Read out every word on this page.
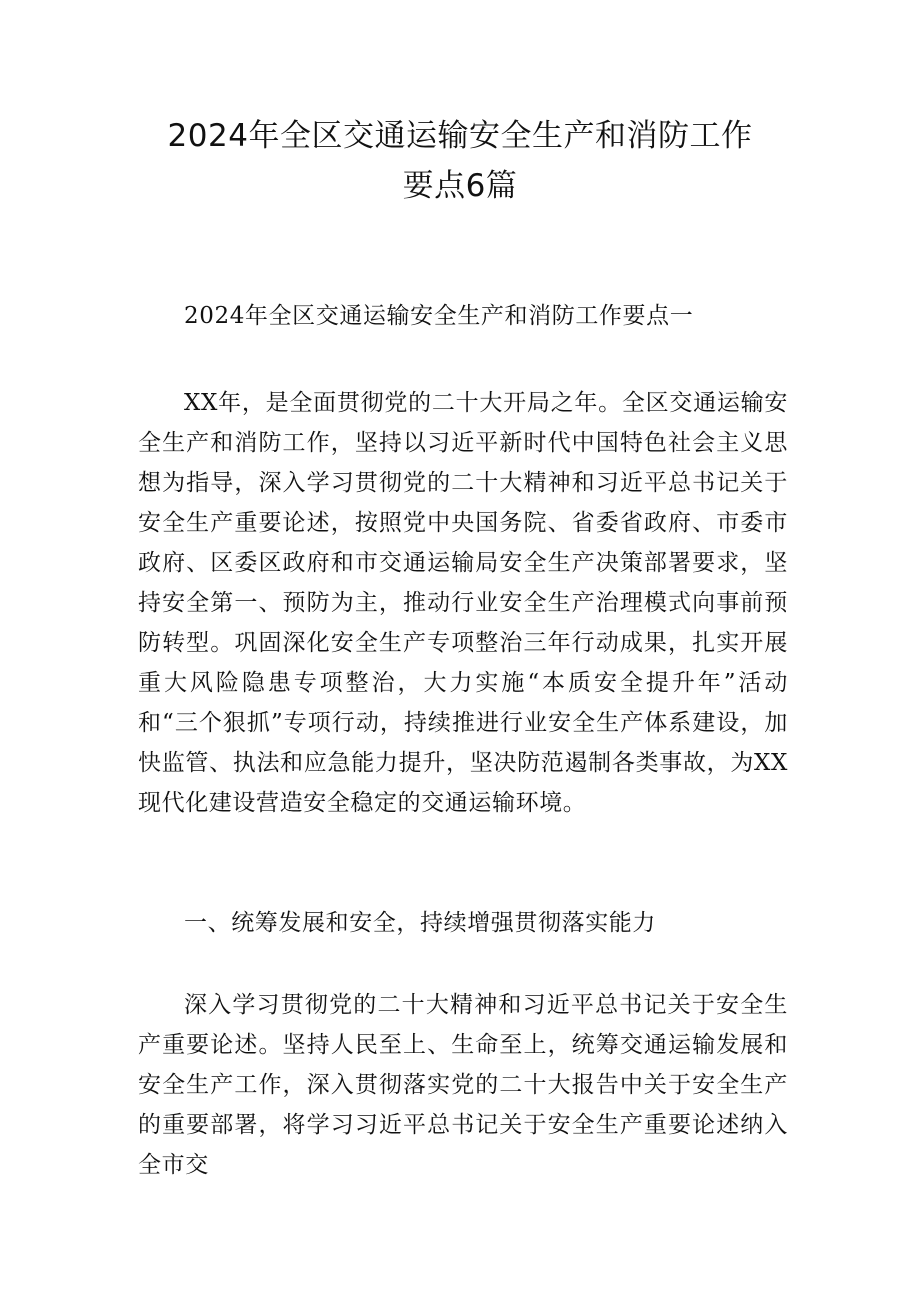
2024年全区交通运输安全生产和消防工作
要点6篇

2024年全区交通运输安全生产和消防工作要点一

XX年，是全面贯彻党的二十大开局之年。全区交通运输安全生产和消防工作，坚持以习近平新时代中国特色社会主义思想为指导，深入学习贯彻党的二十大精神和习近平总书记关于安全生产重要论述，按照党中央国务院、省委省政府、市委市政府、区委区政府和市交通运输局安全生产决策部署要求，坚持安全第一、预防为主，推动行业安全生产治理模式向事前预防转型。巩固深化安全生产专项整治三年行动成果，扎实开展重大风险隐患专项整治，大力实施“本质安全提升年”活动和“三个狠抓”专项行动，持续推进行业安全生产体系建设，加快监管、执法和应急能力提升，坚决防范遏制各类事故，为XX现代化建设营造安全稳定的交通运输环境。

一、统筹发展和安全，持续增强贯彻落实能力

深入学习贯彻党的二十大精神和习近平总书记关于安全生产重要论述。坚持人民至上、生命至上，统筹交通运输发展和安全生产工作，深入贯彻落实党的二十大报告中关于安全生产的重要部署，将学习习近平总书记关于安全生产重要论述纳入全市交
